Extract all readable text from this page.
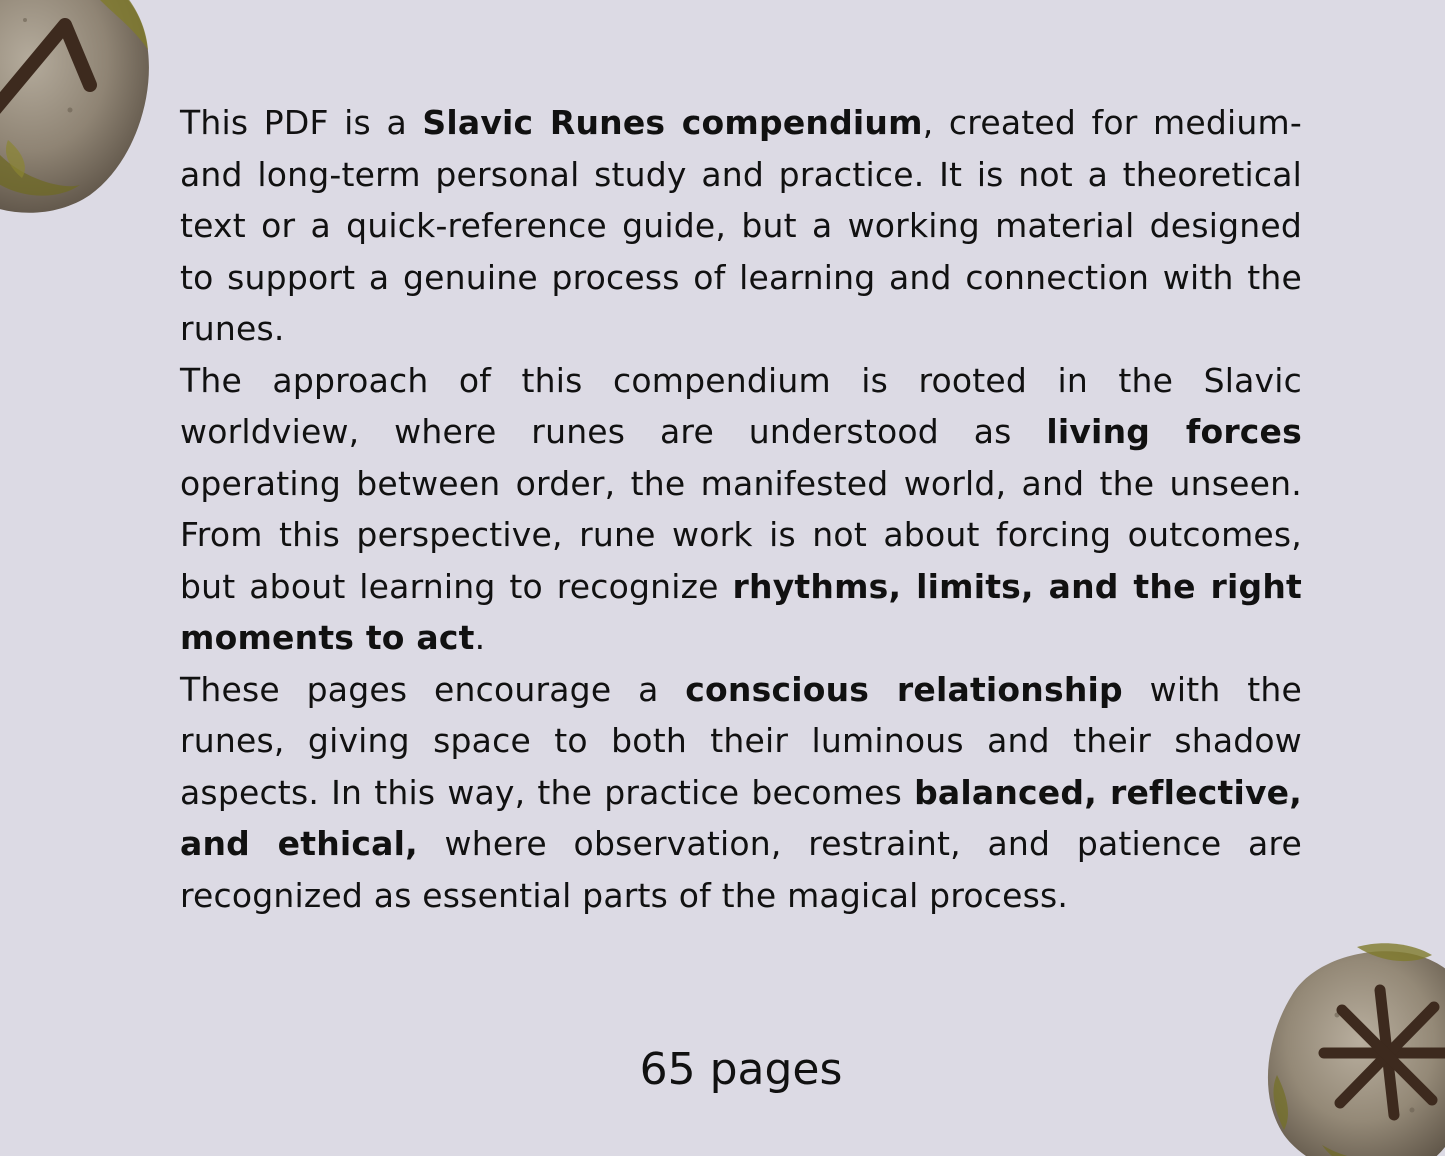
This PDF is a Slavic Runes compendium, created for medium- and long-term personal study and practice. It is not a theoretical text or a quick-reference guide, but a working material designed to support a genuine process of learning and connection with the runes.

The approach of this compendium is rooted in the Slavic worldview, where runes are understood as living forces operating between order, the manifested world, and the unseen. From this perspective, rune work is not about forcing outcomes, but about learning to recognize rhythms, limits, and the right moments to act.

These pages encourage a conscious relationship with the runes, giving space to both their luminous and their shadow aspects. In this way, the practice becomes balanced, reflective, and ethical, where observation, restraint, and patience are recognized as essential parts of the magical process.

65 pages
